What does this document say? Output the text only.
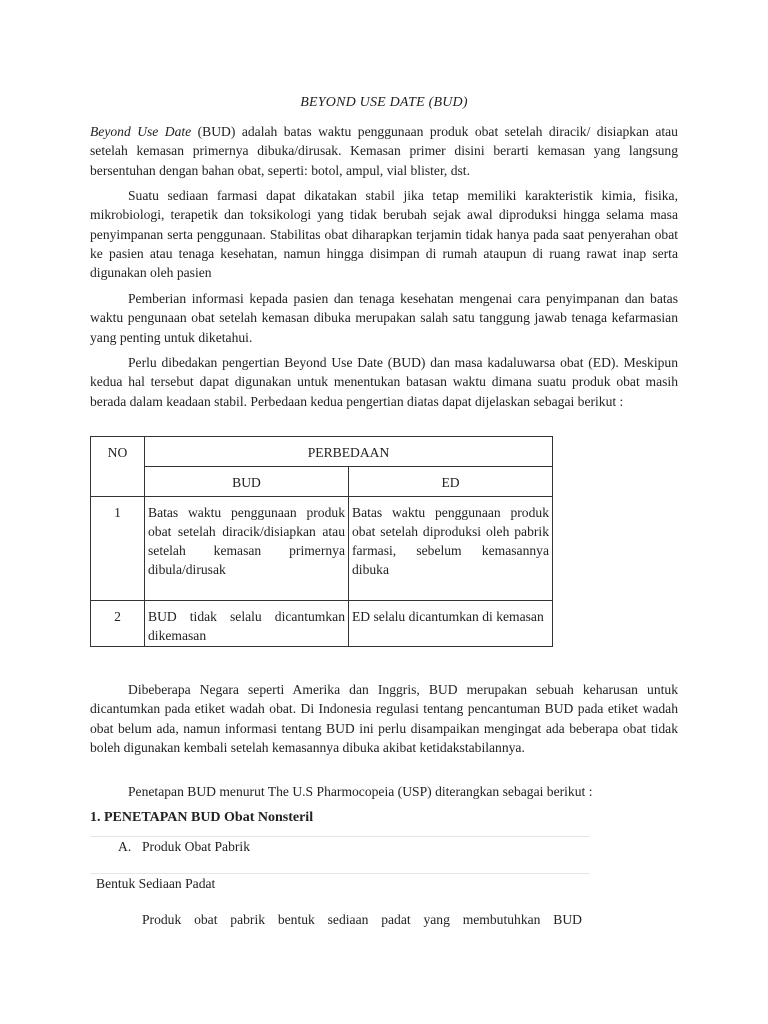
BEYOND USE DATE (BUD)
Beyond Use Date (BUD) adalah batas waktu penggunaan produk obat setelah diracik/ disiapkan atau setelah kemasan primernya dibuka/dirusak. Kemasan primer disini berarti kemasan yang langsung bersentuhan dengan bahan obat, seperti: botol, ampul, vial blister, dst.
Suatu sediaan farmasi dapat dikatakan stabil jika tetap memiliki karakteristik kimia, fisika, mikrobiologi, terapetik dan toksikologi yang tidak berubah sejak awal diproduksi hingga selama masa penyimpanan serta penggunaan. Stabilitas obat diharapkan terjamin tidak hanya pada saat penyerahan obat ke pasien atau tenaga kesehatan, namun hingga disimpan di rumah ataupun di ruang rawat inap serta digunakan oleh pasien
Pemberian informasi kepada pasien dan tenaga kesehatan mengenai cara penyimpanan dan batas waktu pengunaan obat setelah kemasan dibuka merupakan salah satu tanggung jawab tenaga kefarmasian yang penting untuk diketahui.
Perlu dibedakan pengertian Beyond Use Date (BUD) dan masa kadaluwarsa obat (ED). Meskipun kedua hal tersebut dapat digunakan untuk menentukan batasan waktu dimana suatu produk obat masih berada dalam keadaan stabil. Perbedaan kedua pengertian diatas dapat dijelaskan sebagai berikut :
NO	PERBEDAAN	
	BUD	ED
1	Batas waktu penggunaan produk obat setelah diracik/disiapkan atau setelah kemasan primernya dibula/dirusak	Batas waktu penggunaan produk obat setelah diproduksi oleh pabrik farmasi, sebelum kemasannya dibuka
2	BUD tidak selalu dicantumkan dikemasan	ED selalu dicantumkan di kemasan
Dibeberapa Negara seperti Amerika dan Inggris, BUD merupakan sebuah keharusan untuk dicantumkan pada etiket wadah obat. Di Indonesia regulasi tentang pencantuman BUD pada etiket wadah obat belum ada, namun informasi tentang BUD ini perlu disampaikan mengingat ada beberapa obat tidak boleh digunakan kembali setelah kemasannya dibuka akibat ketidakstabilannya.
Penetapan BUD menurut The U.S Pharmocopeia (USP) diterangkan sebagai berikut :
1. PENETAPAN BUD Obat Nonsteril
A. Produk Obat Pabrik
Bentuk Sediaan Padat
Produk obat pabrik bentuk sediaan padat yang membutuhkan BUD
